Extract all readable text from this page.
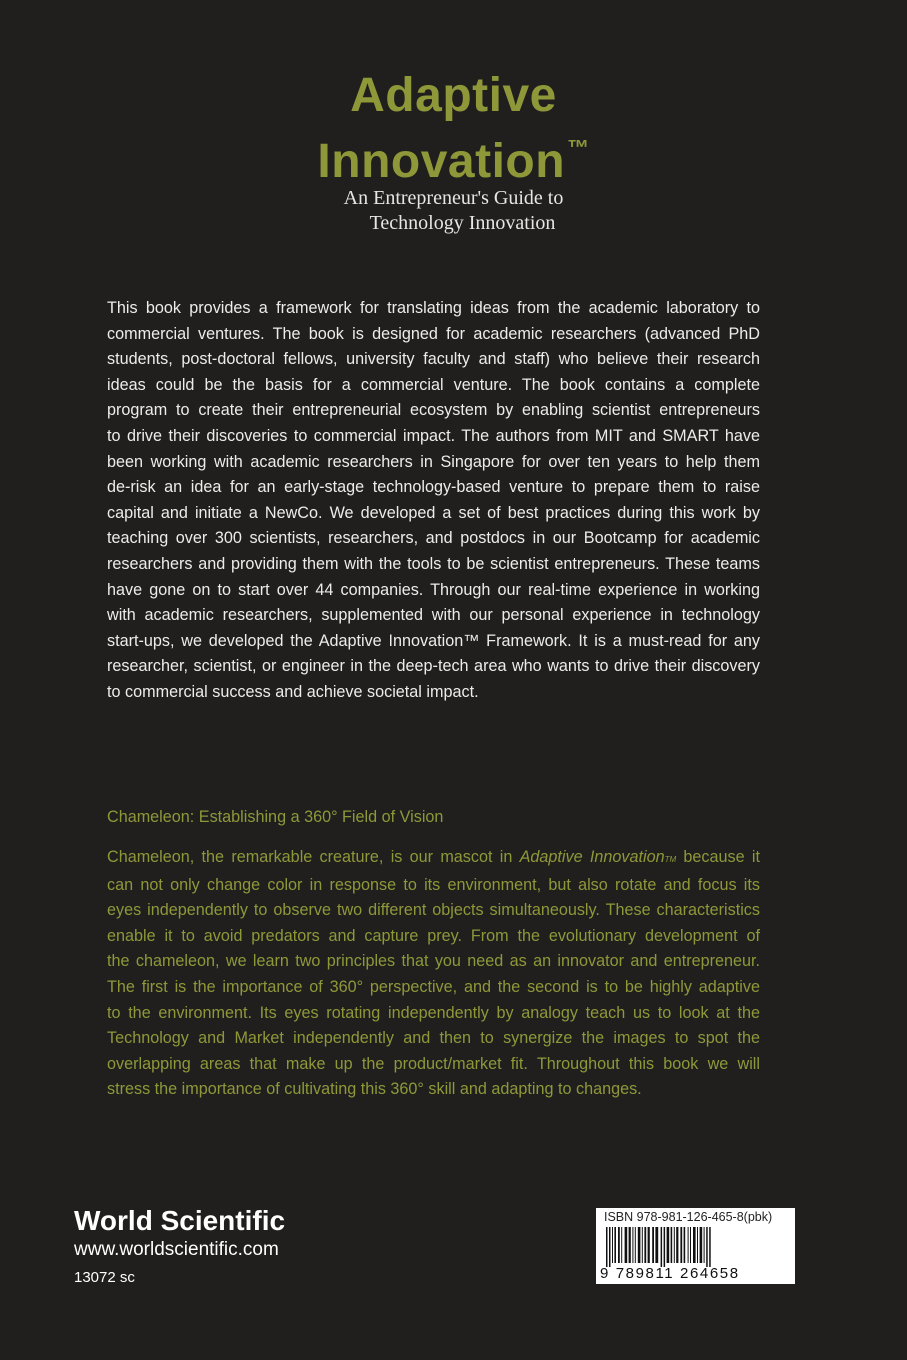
Adaptive
Innovation™
An Entrepreneur's Guide to
Technology Innovation
This book provides a framework for translating ideas from the academic laboratory to
commercial ventures. The book is designed for academic researchers (advanced PhD
students, post-doctoral fellows, university faculty and staff) who believe their research
ideas could be the basis for a commercial venture. The book contains a complete
program to create their entrepreneurial ecosystem by enabling scientist entrepreneurs
to drive their discoveries to commercial impact. The authors from MIT and SMART have
been working with academic researchers in Singapore for over ten years to help them
de-risk an idea for an early-stage technology-based venture to prepare them to raise
capital and initiate a NewCo. We developed a set of best practices during this work by
teaching over 300 scientists, researchers, and postdocs in our Bootcamp for academic
researchers and providing them with the tools to be scientist entrepreneurs. These teams
have gone on to start over 44 companies. Through our real-time experience in working
with academic researchers, supplemented with our personal experience in technology
start-ups, we developed the Adaptive Innovation™ Framework. It is a must-read for any
researcher, scientist, or engineer in the deep-tech area who wants to drive their discovery
to commercial success and achieve societal impact.
Chameleon: Establishing a 360° Field of Vision
Chameleon, the remarkable creature, is our mascot in Adaptive InnovationTM because it
can not only change color in response to its environment, but also rotate and focus its
eyes independently to observe two different objects simultaneously. These characteristics
enable it to avoid predators and capture prey. From the evolutionary development of
the chameleon, we learn two principles that you need as an innovator and entrepreneur.
The first is the importance of 360° perspective, and the second is to be highly adaptive
to the environment. Its eyes rotating independently by analogy teach us to look at the
Technology and Market independently and then to synergize the images to spot the
overlapping areas that make up the product/market fit. Throughout this book we will
stress the importance of cultivating this 360° skill and adapting to changes.
World Scientific
www.worldscientific.com
13072 sc
ISBN 978-981-126-465-8(pbk)
9 789811 264658
